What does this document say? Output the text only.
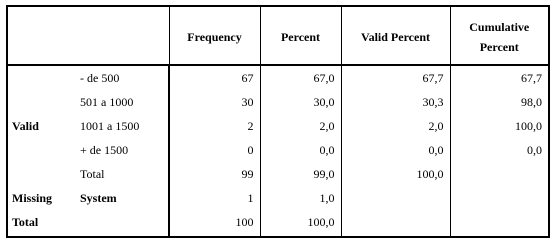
		Frequency	Percent	Valid Percent	Cumulative Percent

Valid	- de 500	67	67,0	67,7	67,7
	501 a 1000	30	30,0	30,3	98,0
	1001 a 1500	2	2,0	2,0	100,0
	+ de 1500	0	0,0	0,0	0,0
	Total	99	99,0	100,0	
Missing	System	1	1,0		
Total		100	100,0		
